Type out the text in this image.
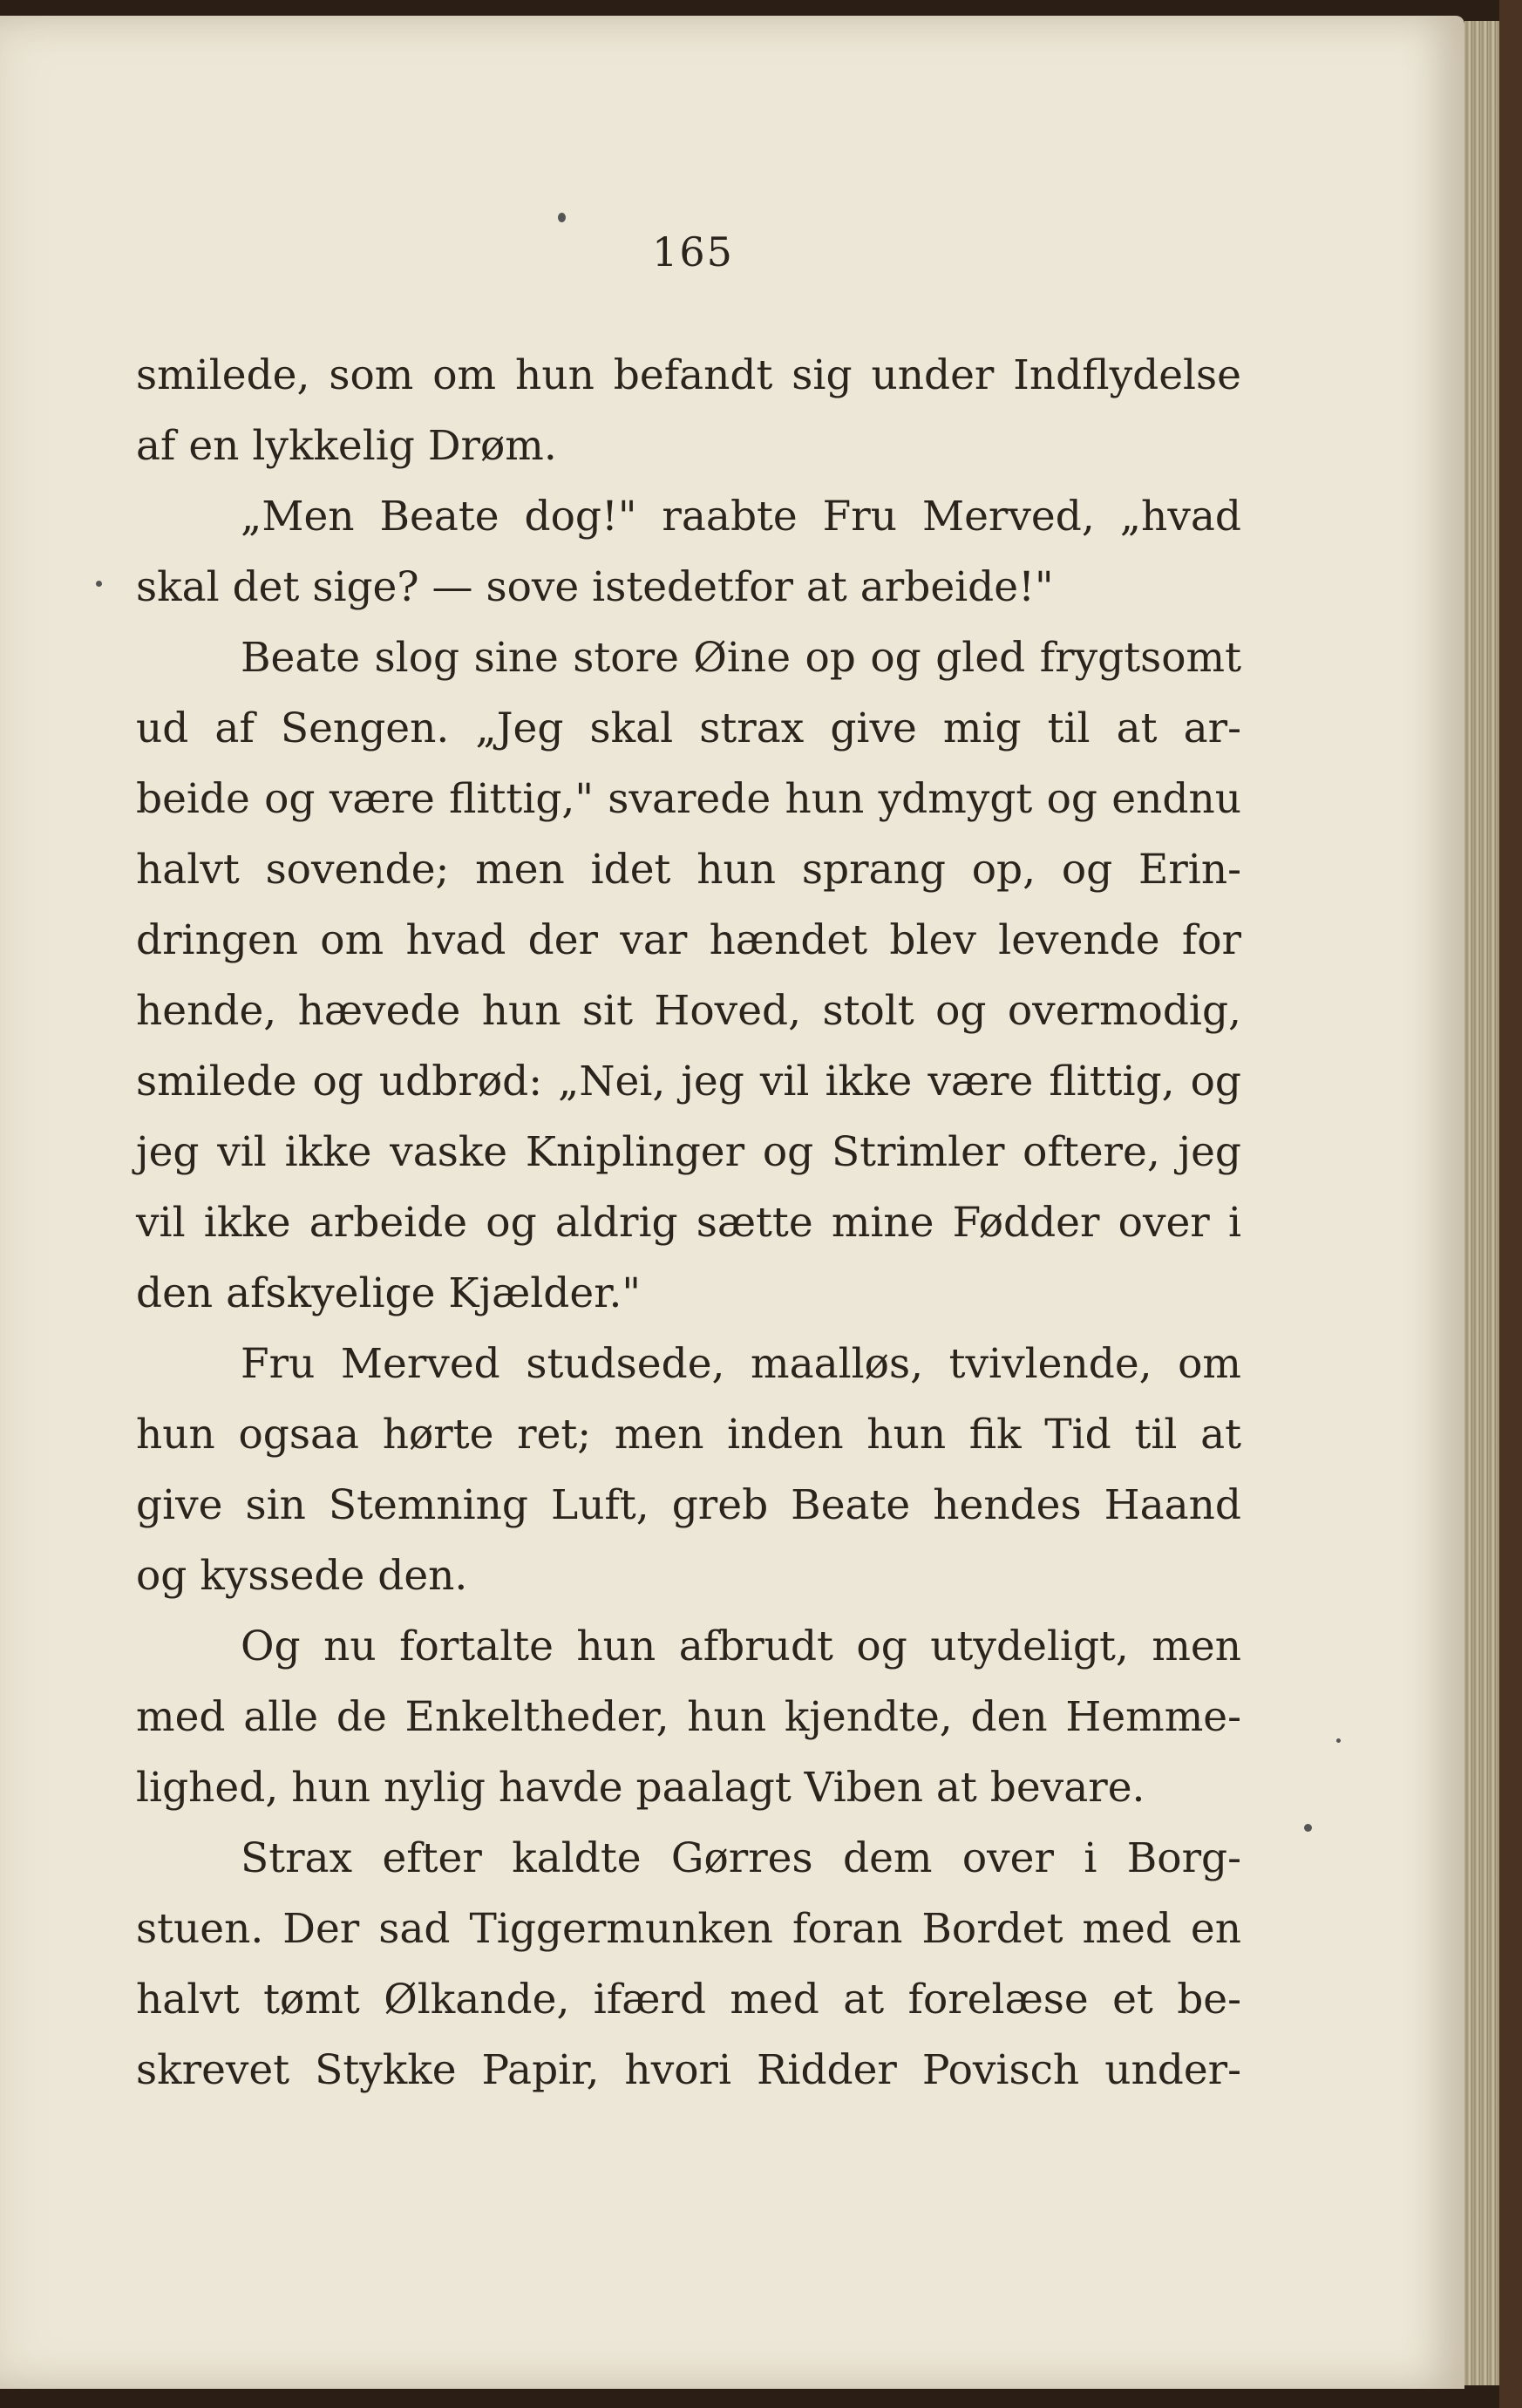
165
smilede, som om hun befandt sig under Indflydelse
af en lykkelig Drøm.
„Men Beate dog!" raabte Fru Merved, „hvad
skal det sige? — sove istedetfor at arbeide!"
Beate slog sine store Øine op og gled frygtsomt
ud af Sengen. „Jeg skal strax give mig til at ar-
beide og være flittig," svarede hun ydmygt og endnu
halvt sovende; men idet hun sprang op, og Erin-
dringen om hvad der var hændet blev levende for
hende, hævede hun sit Hoved, stolt og overmodig,
smilede og udbrød: „Nei, jeg vil ikke være flittig, og
jeg vil ikke vaske Kniplinger og Strimler oftere, jeg
vil ikke arbeide og aldrig sætte mine Fødder over i
den afskyelige Kjælder."
Fru Merved studsede, maalløs, tvivlende, om
hun ogsaa hørte ret; men inden hun fik Tid til at
give sin Stemning Luft, greb Beate hendes Haand
og kyssede den.
Og nu fortalte hun afbrudt og utydeligt, men
med alle de Enkeltheder, hun kjendte, den Hemme-
lighed, hun nylig havde paalagt Viben at bevare.
Strax efter kaldte Gørres dem over i Borg-
stuen. Der sad Tiggermunken foran Bordet med en
halvt tømt Ølkande, ifærd med at forelæse et be-
skrevet Stykke Papir, hvori Ridder Povisch under-
